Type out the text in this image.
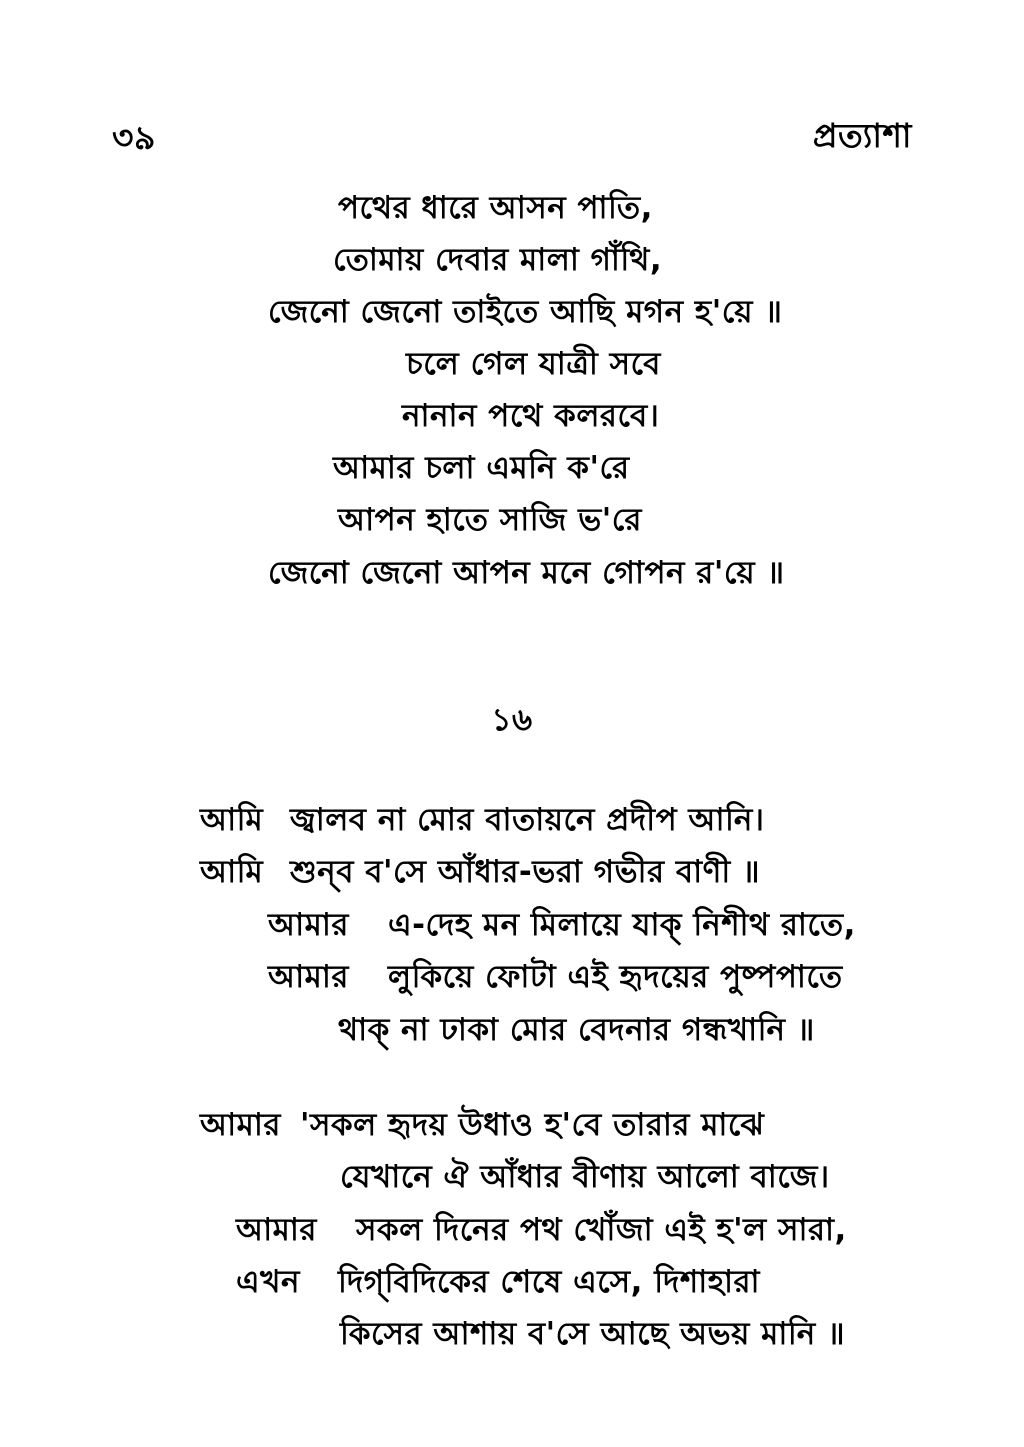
৩৯	প্রত্যাশা
পথের ধারে আসন পাতি,
তোমায় দেবার মালা গাঁথি,
জেনো জেনো তাইতে আছি মগন হ'য়ে ॥
চলে গেল যাত্রী সবে
নানান পথে কলরবে।
আমার চলা এমনি ক'রে
আপন হাতে সাজি ভ'রে
জেনো জেনো আপন মনে গোপন র'য়ে ॥
১৬
আমি জ্বালব না মোর বাতায়নে প্রদীপ আনি।
আমি শুন্‌ব ব'সে আঁধার-ভরা গভীর বাণী ॥
আমার এ-দেহ মন মিলায়ে যাক্ নিশীথ রাতে,
আমার লুকিয়ে ফোটা এই হৃদয়ের পুষ্পপাতে
থাক্ না ঢাকা মোর বেদনার গন্ধখানি ॥
আমার 'সকল হৃদয় উধাও হ'বে তারার মাঝে
যেখানে ঐ আঁধার বীণায় আলো বাজে।
আমার সকল দিনের পথ খোঁজা এই হ'ল সারা,
এখন দিগ্‌বিদিকের শেষে এসে, দিশাহারা
কিসের আশায় ব'সে আছে অভয় মানি ॥
